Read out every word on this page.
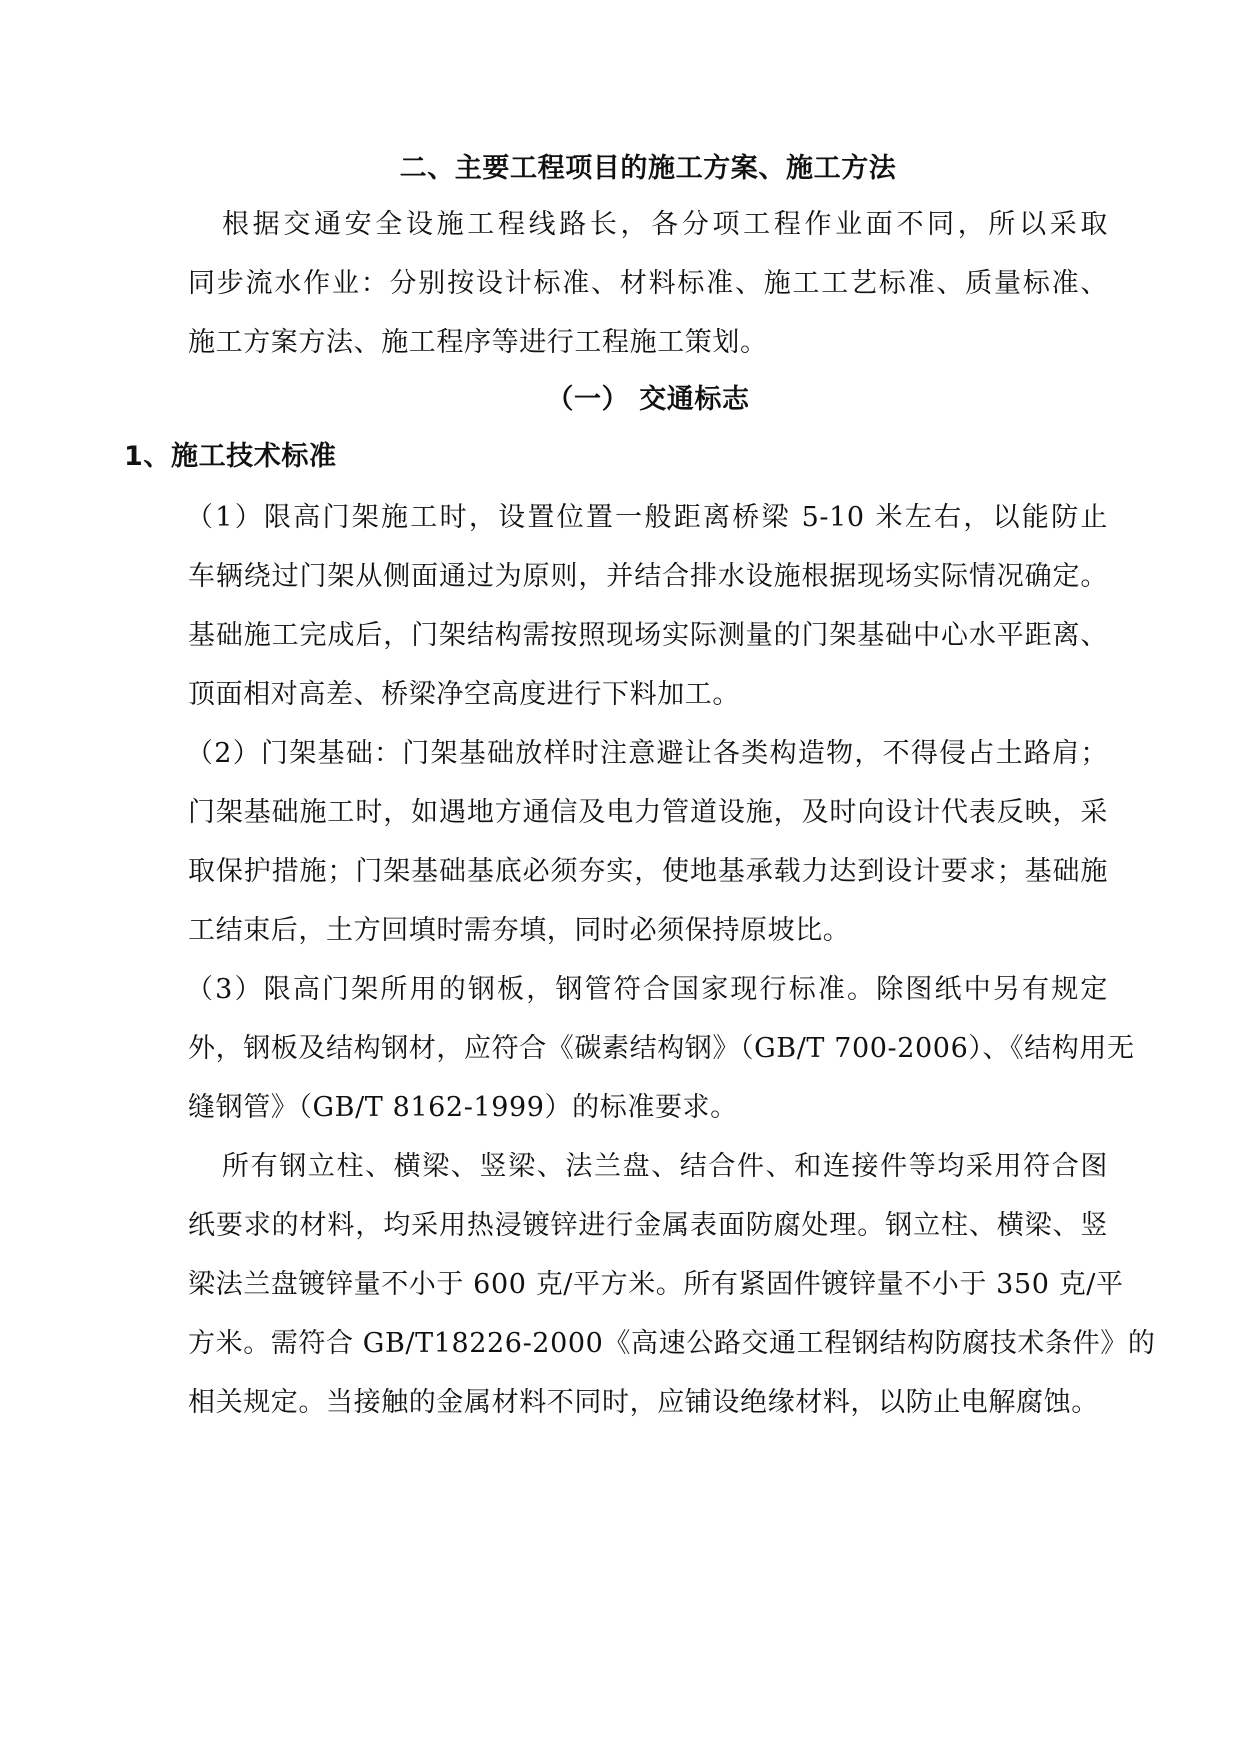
二、主要工程项目的施工方案、施工方法
根据交通安全设施工程线路长，各分项工程作业面不同，所以采取
同步流水作业：分别按设计标准、材料标准、施工工艺标准、质量标准、
施工方案方法、施工程序等进行工程施工策划。
（一） 交通标志
1、施工技术标准
（1）限高门架施工时，设置位置一般距离桥梁 5-10 米左右，以能防止
车辆绕过门架从侧面通过为原则，并结合排水设施根据现场实际情况确定。
基础施工完成后，门架结构需按照现场实际测量的门架基础中心水平距离、
顶面相对高差、桥梁净空高度进行下料加工。
（2）门架基础：门架基础放样时注意避让各类构造物，不得侵占土路肩；
门架基础施工时，如遇地方通信及电力管道设施，及时向设计代表反映，采
取保护措施；门架基础基底必须夯实，使地基承载力达到设计要求；基础施
工结束后，土方回填时需夯填，同时必须保持原坡比。
（3）限高门架所用的钢板，钢管符合国家现行标准。除图纸中另有规定
外，钢板及结构钢材，应符合《碳素结构钢》（GB/T 700-2006）、《结构用无
缝钢管》（GB/T 8162-1999）的标准要求。
所有钢立柱、横梁、竖梁、法兰盘、结合件、和连接件等均采用符合图
纸要求的材料，均采用热浸镀锌进行金属表面防腐处理。钢立柱、横梁、竖
梁法兰盘镀锌量不小于 600 克/平方米。所有紧固件镀锌量不小于 350 克/平
方米。需符合 GB/T18226-2000《高速公路交通工程钢结构防腐技术条件》的
相关规定。当接触的金属材料不同时，应铺设绝缘材料，以防止电解腐蚀。
